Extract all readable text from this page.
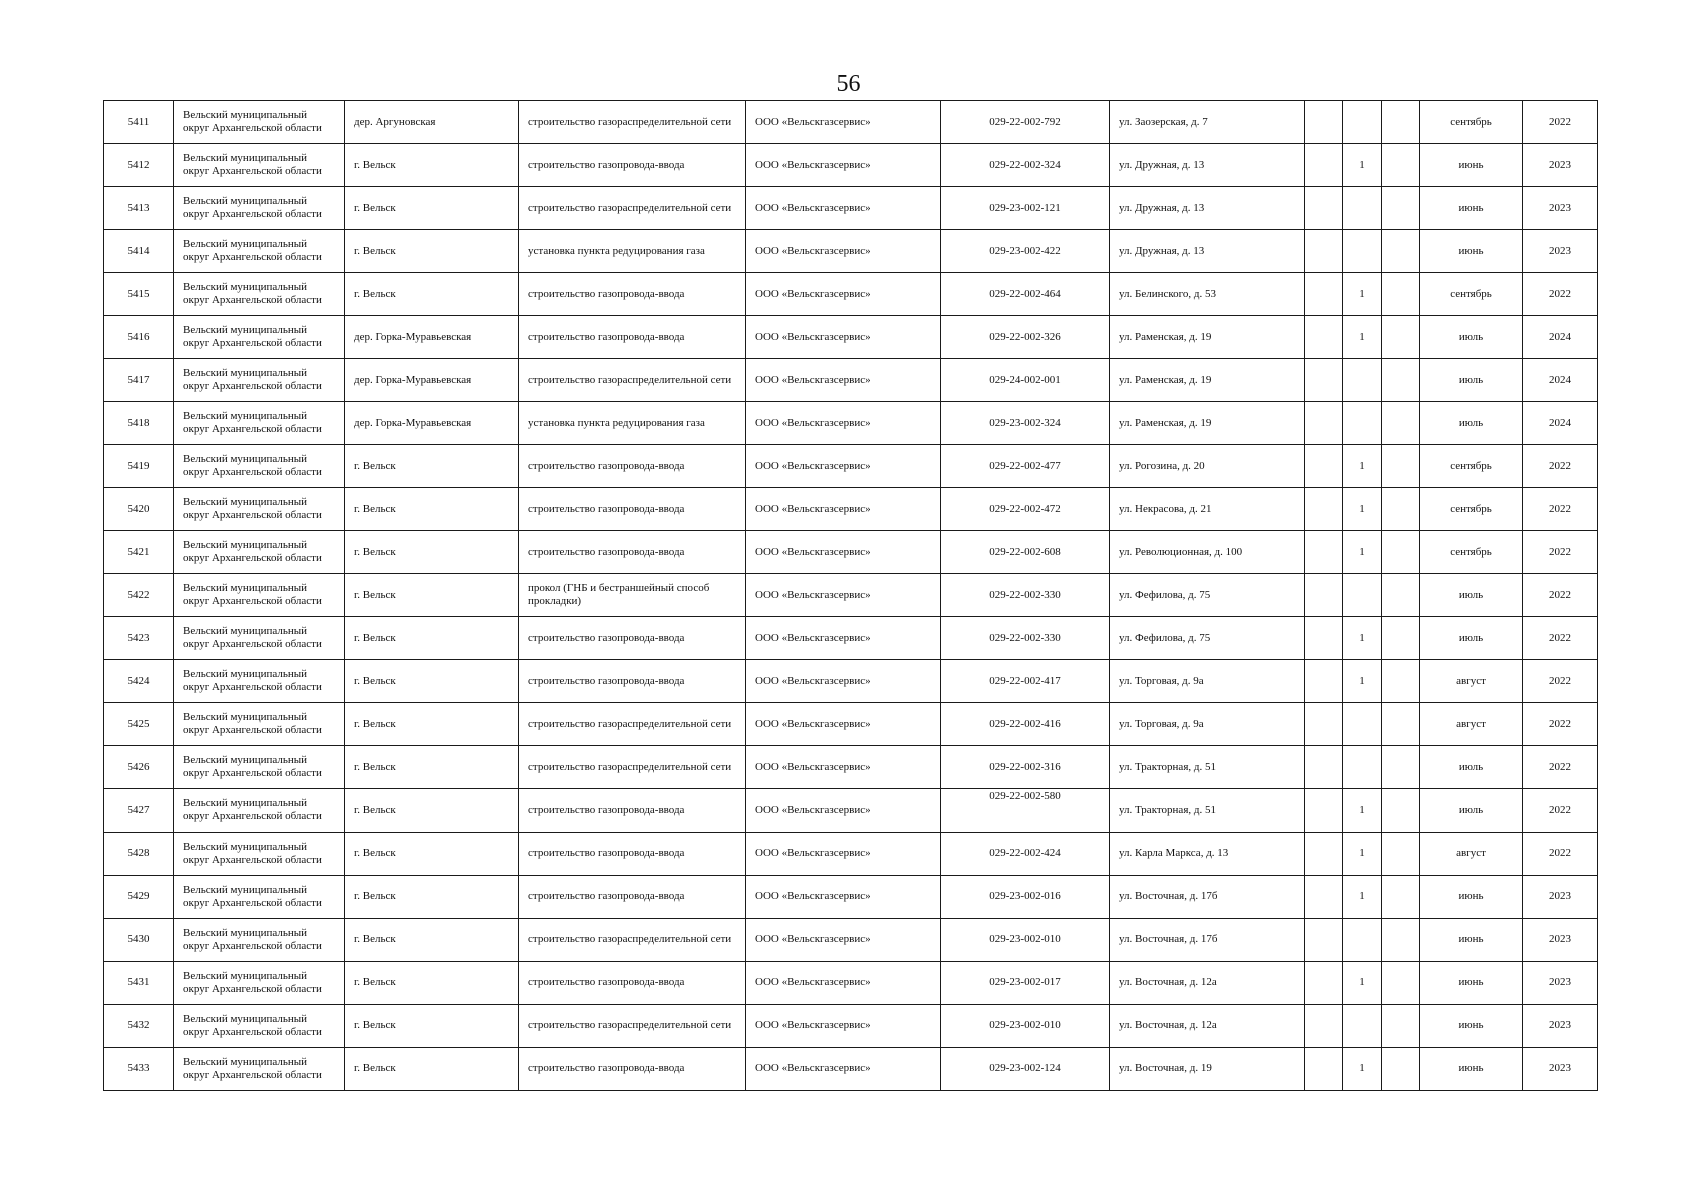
56
5411	Вельский муниципальный округ Архангельской области	дер. Аргуновская	строительство газораспределительной сети	ООО «Вельскгазсервис»	029-22-002-792	ул. Заозерская, д. 7				сентябрь	2022
5412	Вельский муниципальный округ Архангельской области	г. Вельск	строительство газопровода-ввода	ООО «Вельскгазсервис»	029-22-002-324	ул. Дружная, д. 13		1		июнь	2023
5413	Вельский муниципальный округ Архангельской области	г. Вельск	строительство газораспределительной сети	ООО «Вельскгазсервис»	029-23-002-121	ул. Дружная, д. 13				июнь	2023
5414	Вельский муниципальный округ Архангельской области	г. Вельск	установка пункта редуцирования газа	ООО «Вельскгазсервис»	029-23-002-422	ул. Дружная, д. 13				июнь	2023
5415	Вельский муниципальный округ Архангельской области	г. Вельск	строительство газопровода-ввода	ООО «Вельскгазсервис»	029-22-002-464	ул. Белинского, д. 53		1		сентябрь	2022
5416	Вельский муниципальный округ Архангельской области	дер. Горка-Муравьевская	строительство газопровода-ввода	ООО «Вельскгазсервис»	029-22-002-326	ул. Раменская, д. 19		1		июль	2024
5417	Вельский муниципальный округ Архангельской области	дер. Горка-Муравьевская	строительство газораспределительной сети	ООО «Вельскгазсервис»	029-24-002-001	ул. Раменская, д. 19				июль	2024
5418	Вельский муниципальный округ Архангельской области	дер. Горка-Муравьевская	установка пункта редуцирования газа	ООО «Вельскгазсервис»	029-23-002-324	ул. Раменская, д. 19				июль	2024
5419	Вельский муниципальный округ Архангельской области	г. Вельск	строительство газопровода-ввода	ООО «Вельскгазсервис»	029-22-002-477	ул. Рогозина, д. 20		1		сентябрь	2022
5420	Вельский муниципальный округ Архангельской области	г. Вельск	строительство газопровода-ввода	ООО «Вельскгазсервис»	029-22-002-472	ул. Некрасова, д. 21		1		сентябрь	2022
5421	Вельский муниципальный округ Архангельской области	г. Вельск	строительство газопровода-ввода	ООО «Вельскгазсервис»	029-22-002-608	ул. Революционная, д. 100		1		сентябрь	2022
5422	Вельский муниципальный округ Архангельской области	г. Вельск	прокол (ГНБ и бестраншейный способ прокладки)	ООО «Вельскгазсервис»	029-22-002-330	ул. Фефилова, д. 75				июль	2022
5423	Вельский муниципальный округ Архангельской области	г. Вельск	строительство газопровода-ввода	ООО «Вельскгазсервис»	029-22-002-330	ул. Фефилова, д. 75		1		июль	2022
5424	Вельский муниципальный округ Архангельской области	г. Вельск	строительство газопровода-ввода	ООО «Вельскгазсервис»	029-22-002-417	ул. Торговая, д. 9а		1		август	2022
5425	Вельский муниципальный округ Архангельской области	г. Вельск	строительство газораспределительной сети	ООО «Вельскгазсервис»	029-22-002-416	ул. Торговая, д. 9а				август	2022
5426	Вельский муниципальный округ Архангельской области	г. Вельск	строительство газораспределительной сети	ООО «Вельскгазсервис»	029-22-002-316	ул. Тракторная, д. 51				июль	2022
5427	Вельский муниципальный округ Архангельской области	г. Вельск	строительство газопровода-ввода	ООО «Вельскгазсервис»	029-22-002-580	ул. Тракторная, д. 51		1		июль	2022
5428	Вельский муниципальный округ Архангельской области	г. Вельск	строительство газопровода-ввода	ООО «Вельскгазсервис»	029-22-002-424	ул. Карла Маркса, д. 13		1		август	2022
5429	Вельский муниципальный округ Архангельской области	г. Вельск	строительство газопровода-ввода	ООО «Вельскгазсервис»	029-23-002-016	ул. Восточная, д. 17б		1		июнь	2023
5430	Вельский муниципальный округ Архангельской области	г. Вельск	строительство газораспределительной сети	ООО «Вельскгазсервис»	029-23-002-010	ул. Восточная, д. 17б				июнь	2023
5431	Вельский муниципальный округ Архангельской области	г. Вельск	строительство газопровода-ввода	ООО «Вельскгазсервис»	029-23-002-017	ул. Восточная, д. 12а		1		июнь	2023
5432	Вельский муниципальный округ Архангельской области	г. Вельск	строительство газораспределительной сети	ООО «Вельскгазсервис»	029-23-002-010	ул. Восточная, д. 12а				июнь	2023
5433	Вельский муниципальный округ Архангельской области	г. Вельск	строительство газопровода-ввода	ООО «Вельскгазсервис»	029-23-002-124	ул. Восточная, д. 19		1		июнь	2023
